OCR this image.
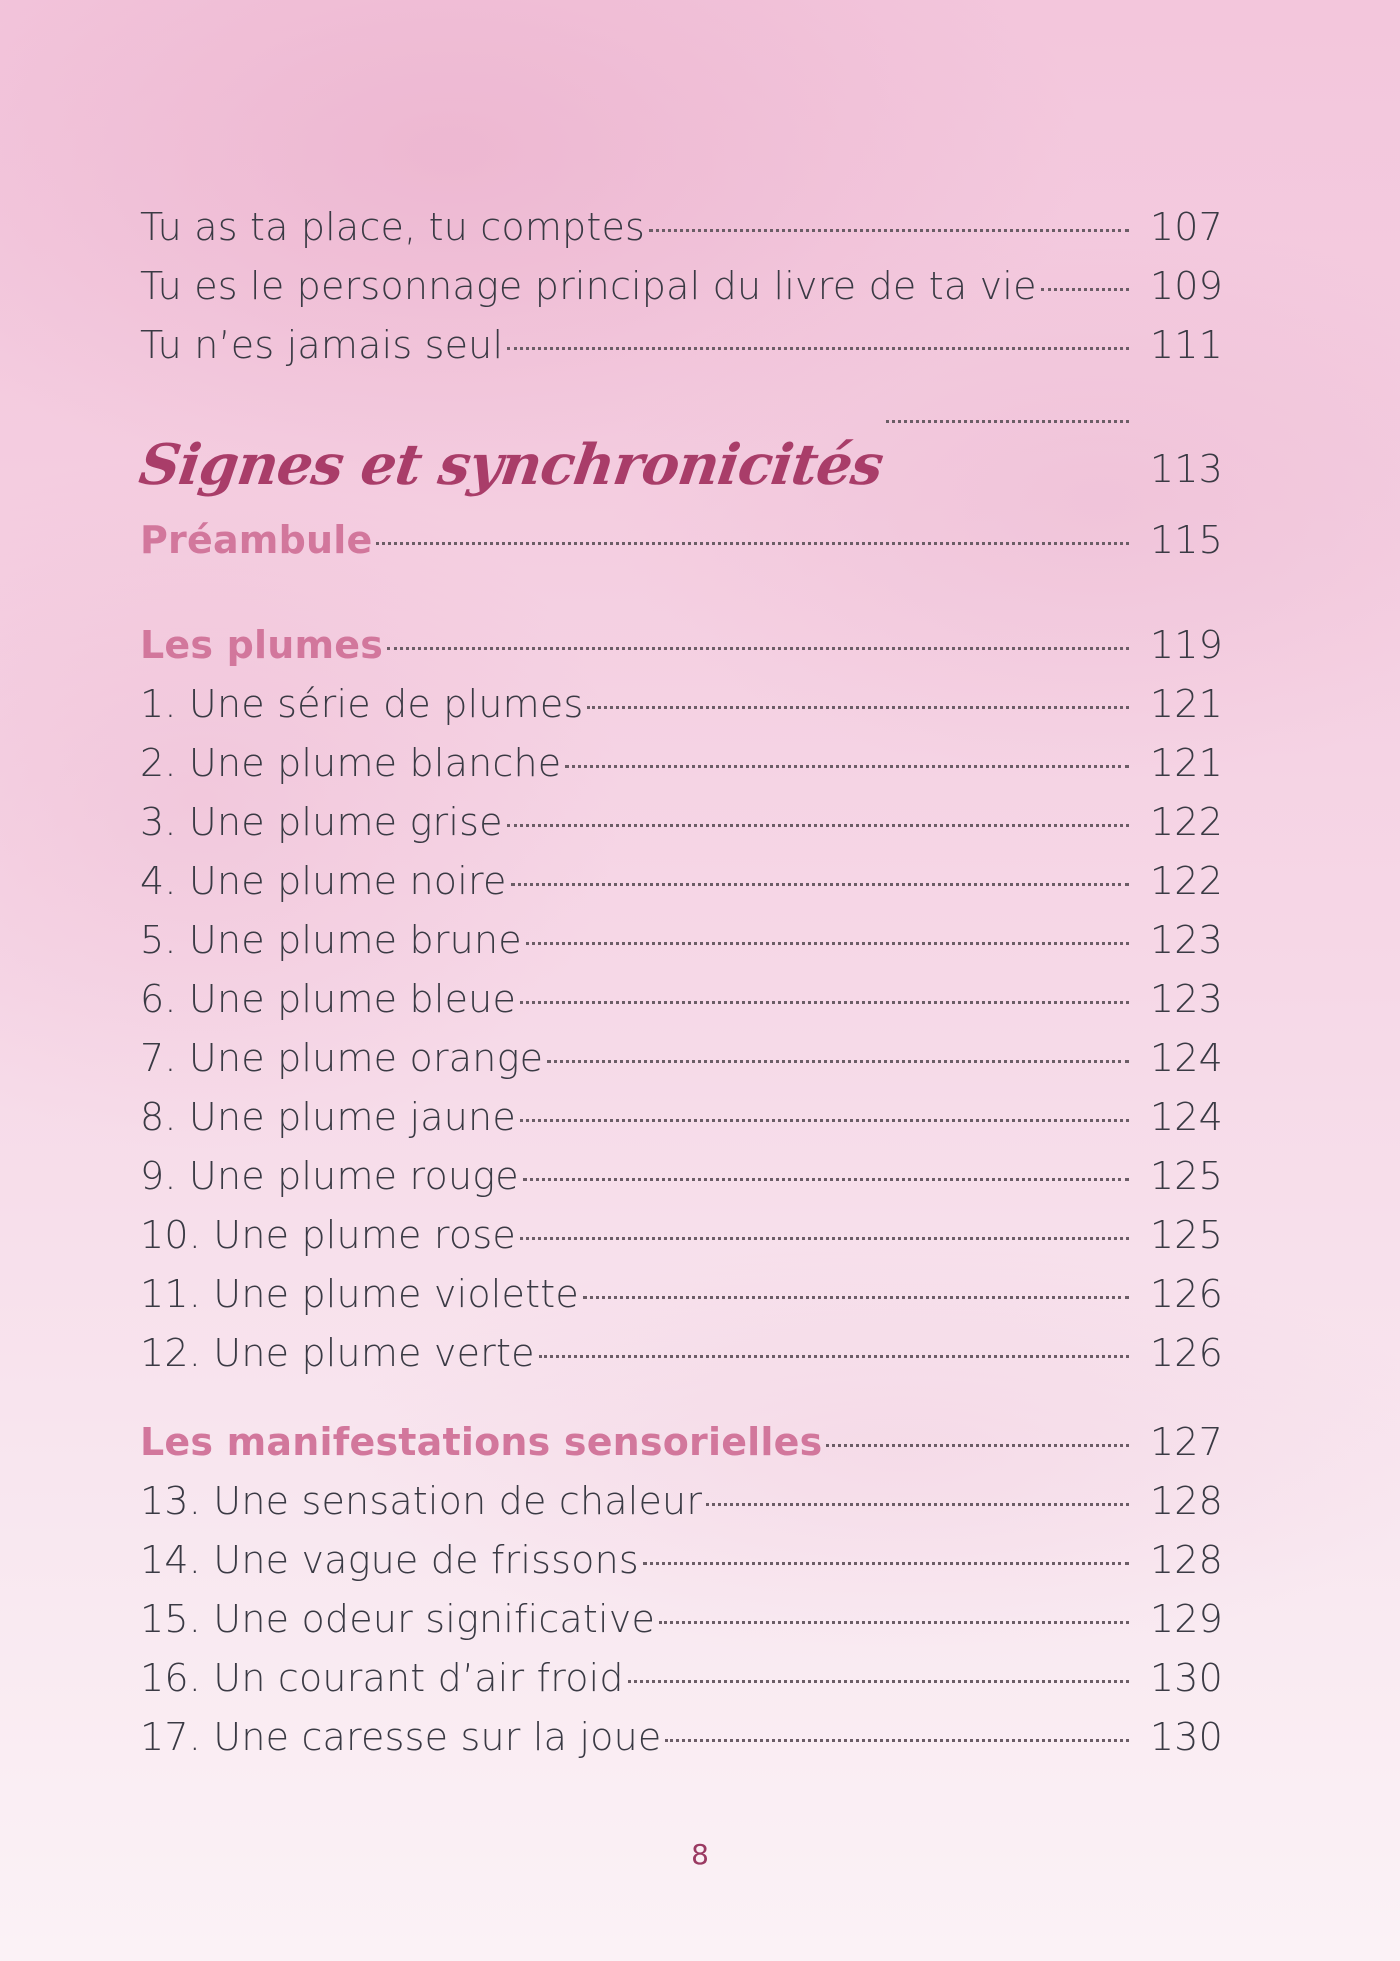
Tu as ta place, tu comptes	107
Tu es le personnage principal du livre de ta vie	109
Tu n’es jamais seul	111
Signes et synchronicités	113
Préambule	115
Les plumes	119
1. Une série de plumes	121
2. Une plume blanche	121
3. Une plume grise	122
4. Une plume noire	122
5. Une plume brune	123
6. Une plume bleue	123
7. Une plume orange	124
8. Une plume jaune	124
9. Une plume rouge	125
10. Une plume rose	125
11. Une plume violette	126
12. Une plume verte	126
Les manifestations sensorielles	127
13. Une sensation de chaleur	128
14. Une vague de frissons	128
15. Une odeur significative	129
16. Un courant d’air froid	130
17. Une caresse sur la joue	130
8
